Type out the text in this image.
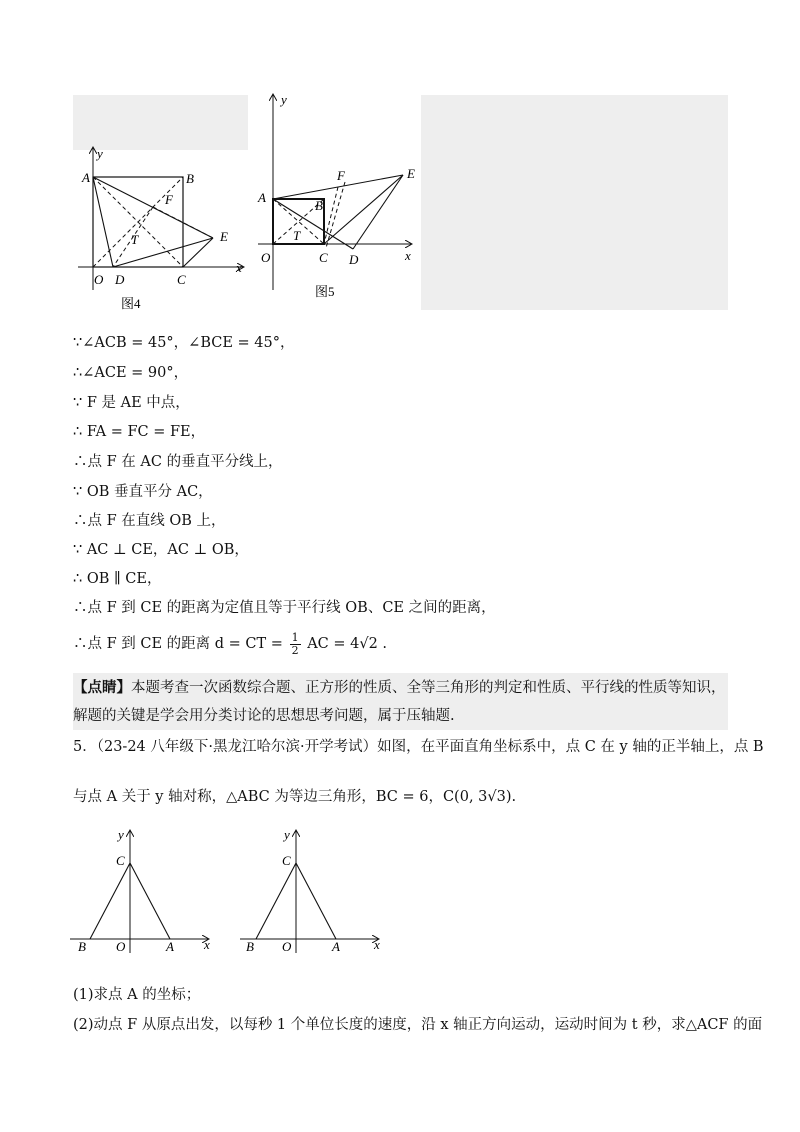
y
x
A	B
F
T	E
O D	C
图4
y
x
A
B
F
T
E
O	C D
图5
∵∠ACB = 45°，∠BCE = 45°，
∴∠ACE = 90°，
∵ F 是 AE 中点，
∴ FA = FC = FE，
∴点 F 在 AC 的垂直平分线上，
∵ OB 垂直平分 AC，
∴点 F 在直线 OB 上，
∵ AC ⊥ CE，AC ⊥ OB，
∴ OB ∥ CE，
∴点 F 到 CE 的距离为定值且等于平行线 OB、CE 之间的距离，
∴点 F 到 CE 的距离 d = CT = $\frac{1}{2}$ AC = 4√2 .
【点睛】本题考查一次函数综合题、正方形的性质、全等三角形的判定和性质、平行线的性质等知识，解题的关键是学会用分类讨论的思想思考问题，属于压轴题.
5．（23-24 八年级下·黑龙江哈尔滨·开学考试）如图，在平面直角坐标系中，点 C 在 y 轴的正半轴上，点 B
与点 A 关于 y 轴对称，△ABC 为等边三角形，BC = 6，C(0, 3√3).
y
C
B O	A x
y
C
B O	A	x
(1)求点 A 的坐标；
(2)动点 F 从原点出发，以每秒 1 个单位长度的速度，沿 x 轴正方向运动，运动时间为 t 秒，求△ACF 的面
